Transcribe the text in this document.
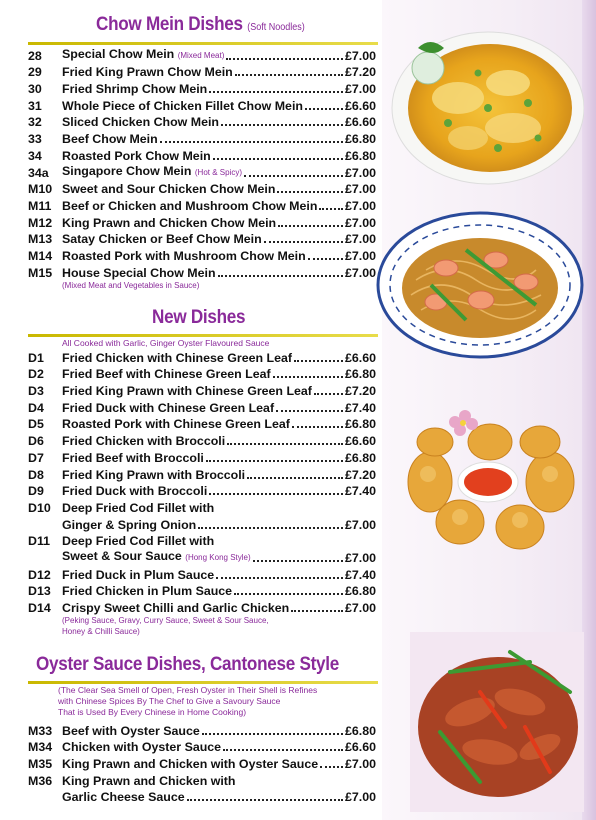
Chow Mein Dishes (Soft Noodles)
28	Special Chow Mein (Mixed Meat)	£7.00
29	Fried King Prawn Chow Mein	£7.20
30	Fried Shrimp Chow Mein	£7.00
31	Whole Piece of Chicken Fillet Chow Mein	£6.60
32	Sliced Chicken Chow Mein	£6.60
33	Beef Chow Mein	£6.80
34	Roasted Pork Chow Mein	£6.80
34a	Singapore Chow Mein (Hot & Spicy)	£7.00
M10 Sweet and Sour Chicken Chow Mein	£7.00
M11 Beef or Chicken and Mushroom Chow Mein £7.00
M12 King Prawn and Chicken Chow Mein	£7.00
M13 Satay Chicken or Beef Chow Mein	£7.00
M14 Roasted Pork with Mushroom Chow Mein	£7.00
M15 House Special Chow Mein	£7.00
(Mixed Meat and Vegetables in Sauce)
New Dishes

All Cooked with Garlic, Ginger Oyster Flavoured Sauce

D1	Fried Chicken with Chinese Green Leaf	£6.60
D2	Fried Beef with Chinese Green Leaf	£6.80
D3	Fried King Prawn with Chinese Green Leaf	£7.20
D4	Fried Duck with Chinese Green Leaf	£7.40
D5	Roasted Pork with Chinese Green Leaf	£6.80
D6	Fried Chicken with Broccoli	£6.60
D7	Fried Beef with Broccoli	£6.80
D8	Fried King Prawn with Broccoli	£7.20
D9	Fried Duck with Broccoli	£7.40
D10 Deep Fried Cod Fillet with
Ginger & Spring Onion	£7.00
D11 Deep Fried Cod Fillet with
Sweet & Sour Sauce (Hong Kong Style)	£7.00
D12 Fried Duck in Plum Sauce	£7.40
D13 Fried Chicken in Plum Sauce	£6.80
D14 Crispy Sweet Chilli and Garlic Chicken	£7.00
(Peking Sauce, Gravy, Curry Sauce, Sweet & Sour Sauce,
Honey & Chilli Sauce)
Oyster Sauce Dishes, Cantonese Style

(The Clear Sea Smell of Open, Fresh Oyster in Their Shell is Refines

with Chinese Spices By The Chef to Give a Savoury Sauce

That is Used By Every Chinese in Home Cooking)

M33 Beef with Oyster Sauce	£6.80
M34 Chicken with Oyster Sauce	£6.60
M35 King Prawn and Chicken with Oyster Sauce £7.00
M36 King Prawn and Chicken with
Garlic Cheese Sauce	£7.00
